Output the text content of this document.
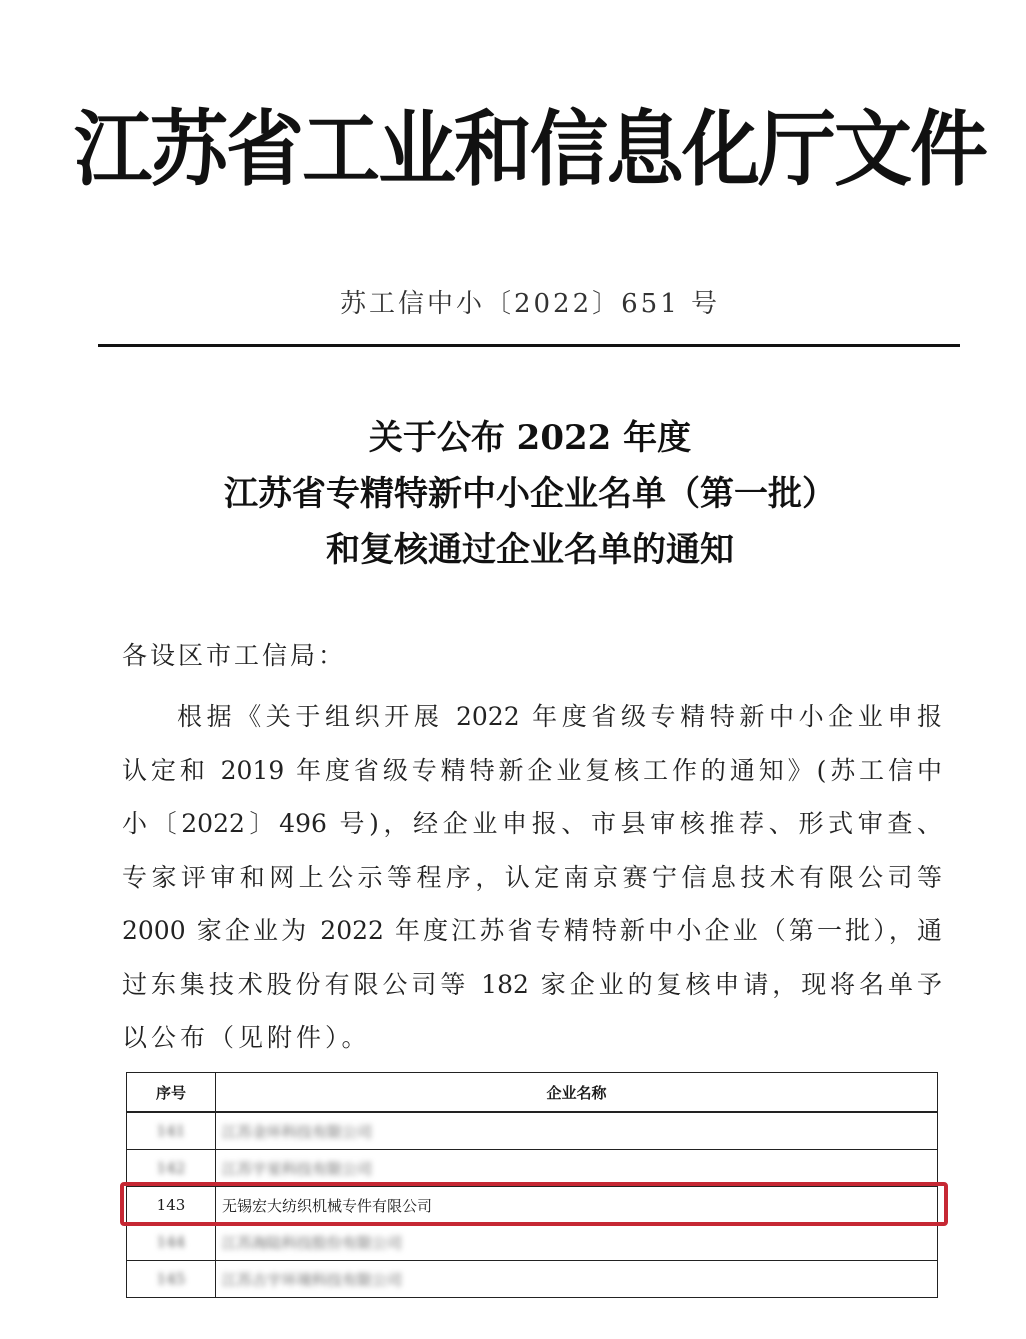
江苏省工业和信息化厅文件
苏工信中小〔2022〕651 号
关于公布 2022 年度
江苏省专精特新中小企业名单（第一批）
和复核通过企业名单的通知
各设区市工信局：
根据《关于组织开展 2022 年度省级专精特新中小企业申报
认定和 2019 年度省级专精特新企业复核工作的通知》(苏工信中
小〔2022〕496 号)，经企业申报、市县审核推荐、形式审查、
专家评审和网上公示等程序，认定南京赛宁信息技术有限公司等
2000 家企业为 2022 年度江苏省专精特新中小企业（第一批），通
过东集技术股份有限公司等 182 家企业的复核申请，现将名单予
以公布（见附件）。
序号	企业名称
141	江苏金环科技有限公司
142	江苏宇星科技有限公司
143	无锡宏大纺织机械专件有限公司
144	江苏海陆科技股份有限公司
145	江苏古宇环境科技有限公司
